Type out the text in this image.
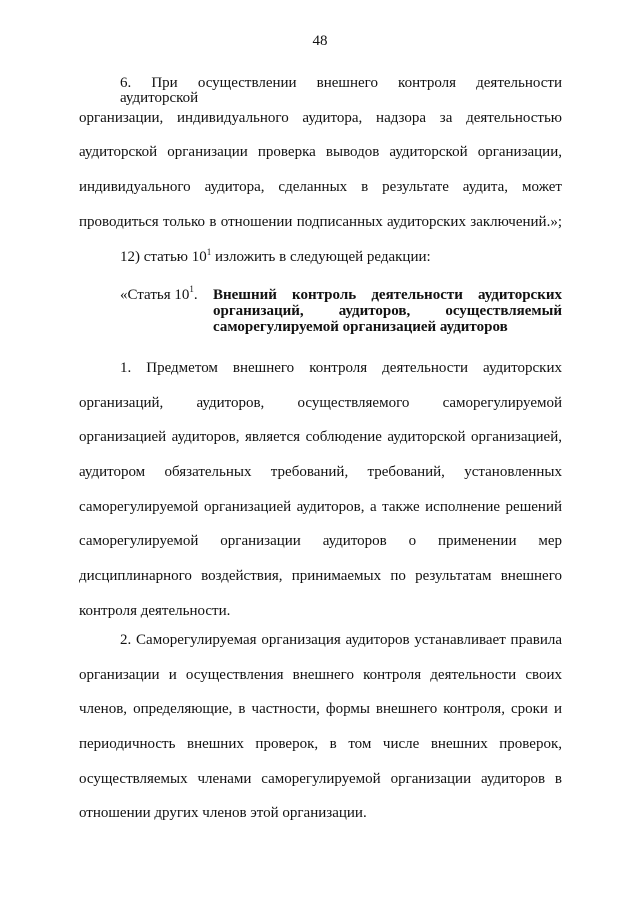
48
6. При осуществлении внешнего контроля деятельности аудиторской
организации, индивидуального аудитора, надзора за деятельностью
аудиторской организации проверка выводов аудиторской организации,
индивидуального аудитора, сделанных в результате аудита, может
проводиться только в отношении подписанных аудиторских заключений.»;
12) статью $10^1$ изложить в следующей редакции:
«Статья $10^1$. Внешний контроль деятельности аудиторских
организаций, аудиторов, осуществляемый
саморегулируемой организацией аудиторов
1. Предметом внешнего контроля деятельности аудиторских
организаций, аудиторов, осуществляемого саморегулируемой
организацией аудиторов, является соблюдение аудиторской организацией,
аудитором обязательных требований, требований, установленных
саморегулируемой организацией аудиторов, а также исполнение решений
саморегулируемой организации аудиторов о применении мер
дисциплинарного воздействия, принимаемых по результатам внешнего
контроля деятельности.
2. Саморегулируемая организация аудиторов устанавливает правила
организации и осуществления внешнего контроля деятельности своих
членов, определяющие, в частности, формы внешнего контроля, сроки и
периодичность внешних проверок, в том числе внешних проверок,
осуществляемых членами саморегулируемой организации аудиторов в
отношении других членов этой организации.
